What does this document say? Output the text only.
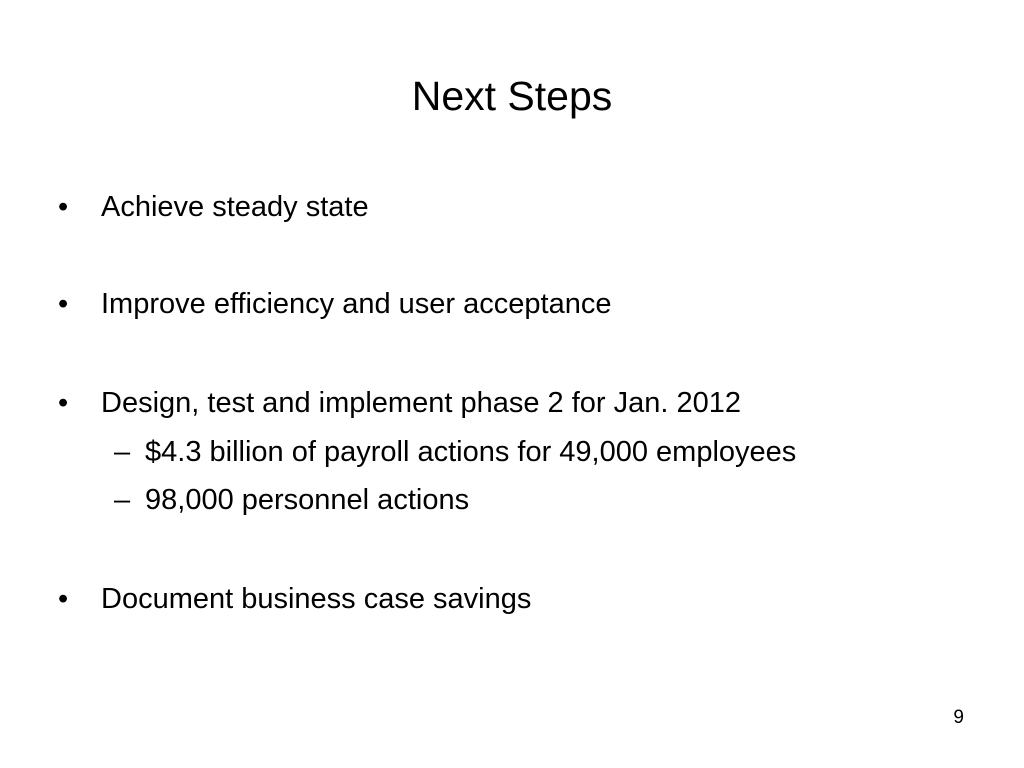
Next Steps
• Achieve steady state
• Improve efficiency and user acceptance
• Design, test and implement phase 2 for Jan. 2012
– $4.3 billion of payroll actions for 49,000 employees
– 98,000 personnel actions
• Document business case savings
9
